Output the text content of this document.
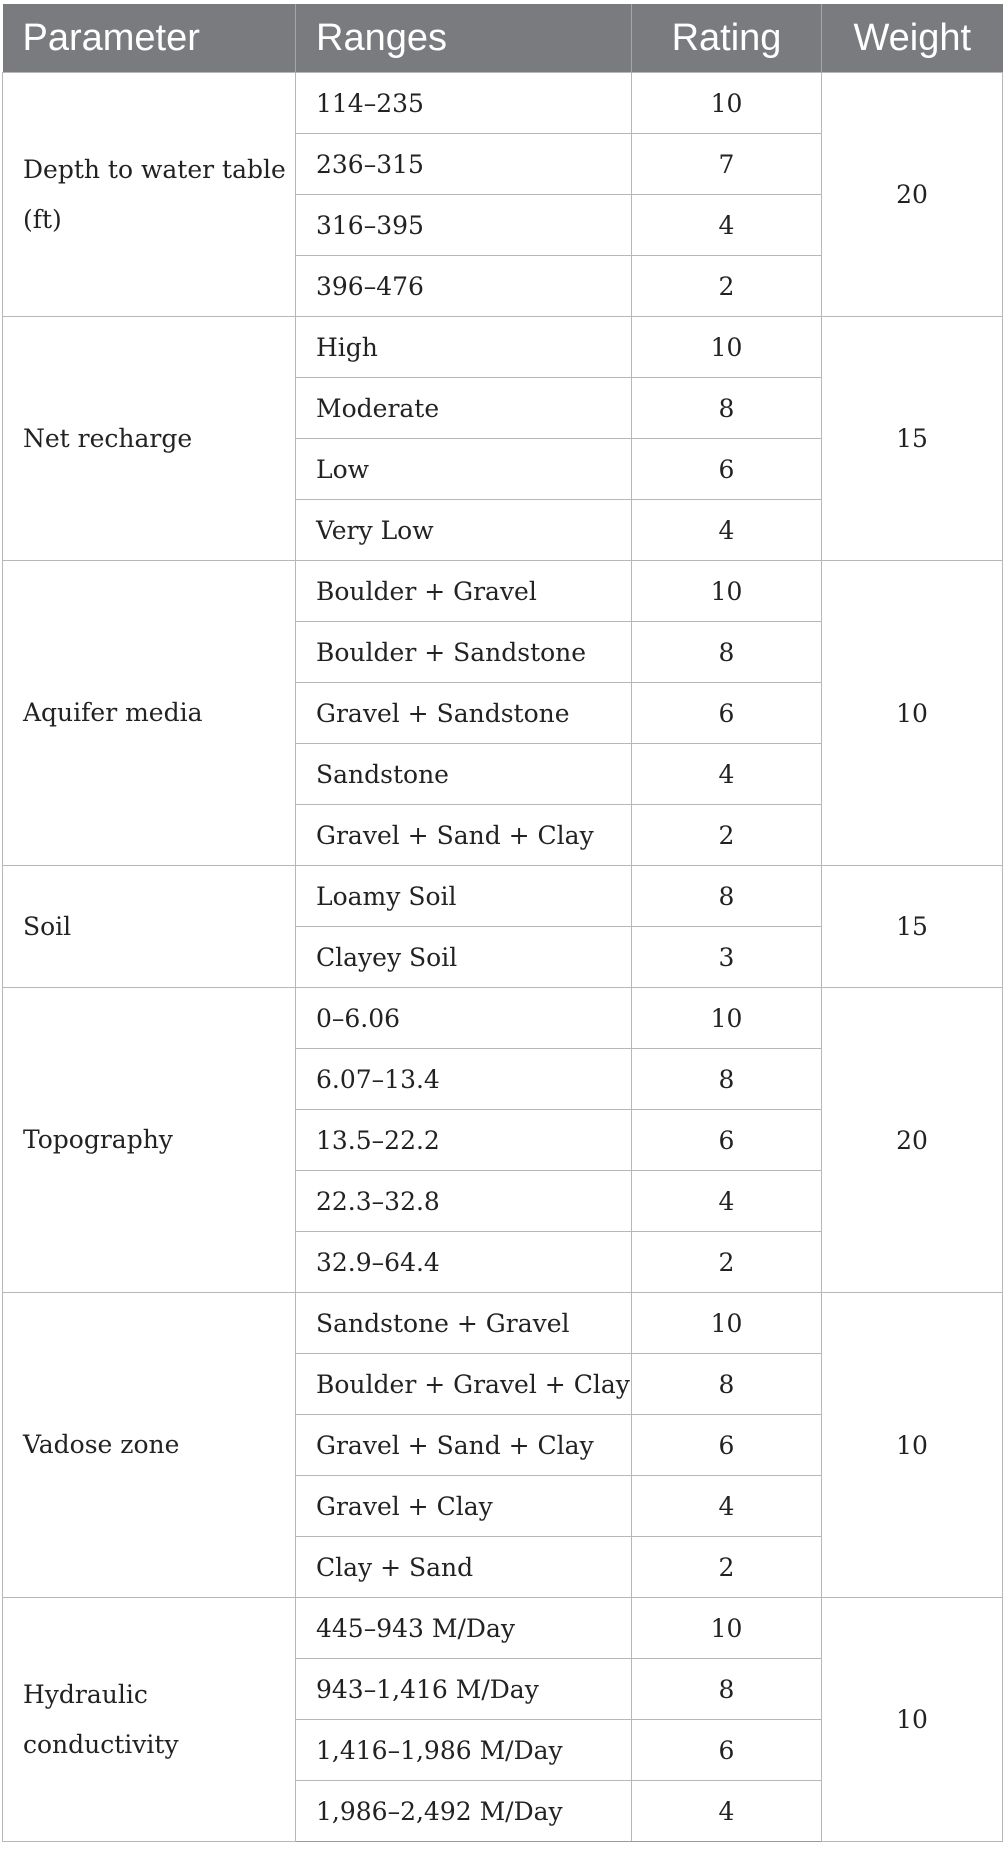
Parameter	Ranges	Rating	Weight
Depth to water table (ft)	114–235	10	20
	236–315	7	
	316–395	4	
	396–476	2	
Net recharge	High	10	15
	Moderate	8	
	Low	6	
	Very Low	4	
Aquifer media	Boulder + Gravel	10	10
	Boulder + Sandstone	8	
	Gravel + Sandstone	6	
	Sandstone	4	
	Gravel + Sand + Clay	2	
Soil	Loamy Soil	8	15
	Clayey Soil	3	
Topography	0–6.06	10	20
	6.07–13.4	8	
	13.5–22.2	6	
	22.3–32.8	4	
	32.9–64.4	2	
Vadose zone	Sandstone + Gravel	10	10
	Boulder + Gravel + Clay	8	
	Gravel + Sand + Clay	6	
	Gravel + Clay	4	
	Clay + Sand	2	
Hydraulic conductivity	445–943 M/Day	10	10
	943–1,416 M/Day	8	
	1,416–1,986 M/Day	6	
	1,986–2,492 M/Day	4	
